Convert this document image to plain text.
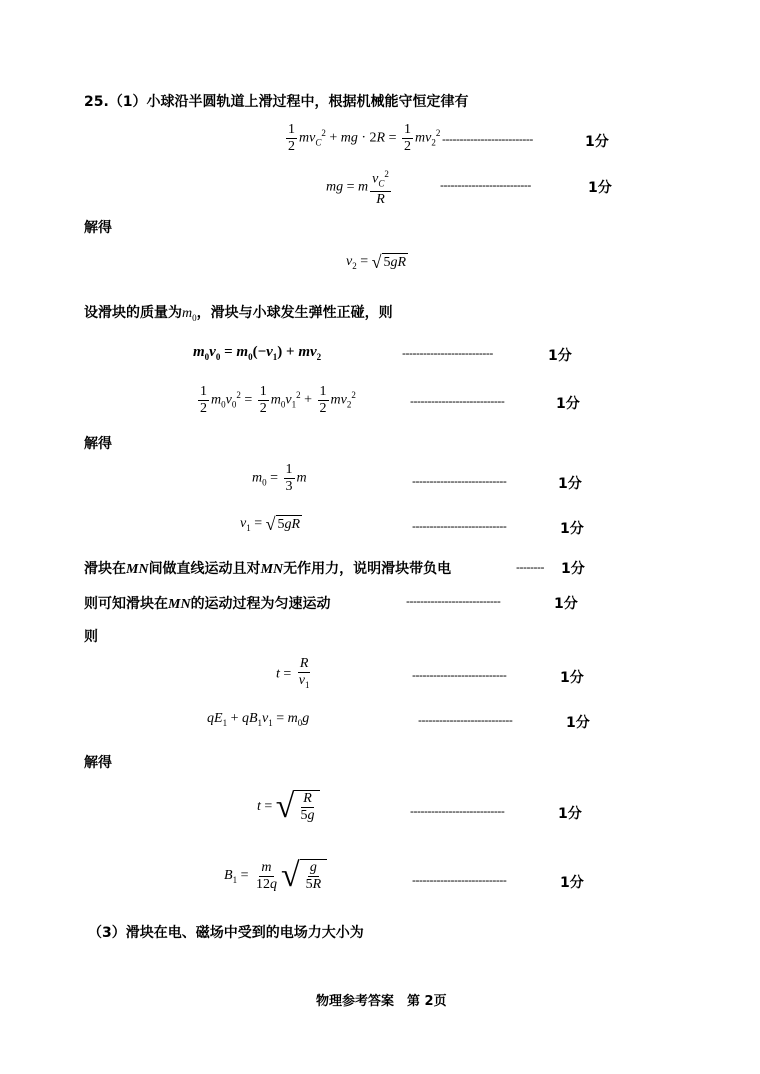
25.（1）小球沿半圆轨道上滑过程中，根据机械能守恒定律有
$\frac{1}{2} mv_C^2$ + mg · $2R = \frac{1}{2} mv_2^2$ --------------------------	1分
mg = m $\frac{v_C^2}{R}$	--------------------------	1分
解得
$v_2$ = √ 5 gR
设滑块的质量为$m_0$，滑块与小球发生弹性正碰，则
$m_0v_0 = m_0(-v_1) + mv_2$	--------------------------	1分
$\frac{1}{2} m_0v_0^2 = \frac{1}{2} m_0v_1^2 + \frac{1}{2} mv_2^2$	---------------------------	1分
解得
$m_0 = \frac{1}{3}$ m	---------------------------	1分
$v_1$ = √ 5 gR	---------------------------	1分
滑块在MN间做直线运动且对MN无作用力，说明滑块带负电	-------- 1分
则可知滑块在MN的运动过程为匀速运动	---------------------------	1分
则
$t = \frac{R}{v_1}$	---------------------------	1分
$qE_1 + qB_1v_1 = m_0g$	---------------------------	1分
解得
t = √ $\frac{R}{5g}$	---------------------------	1分
$B_1 = \frac{m}{12q}$ √ $\frac{g}{5R}$	---------------------------	1分
（3）滑块在电、磁场中受到的电场力大小为
物理参考答案　第 2页
